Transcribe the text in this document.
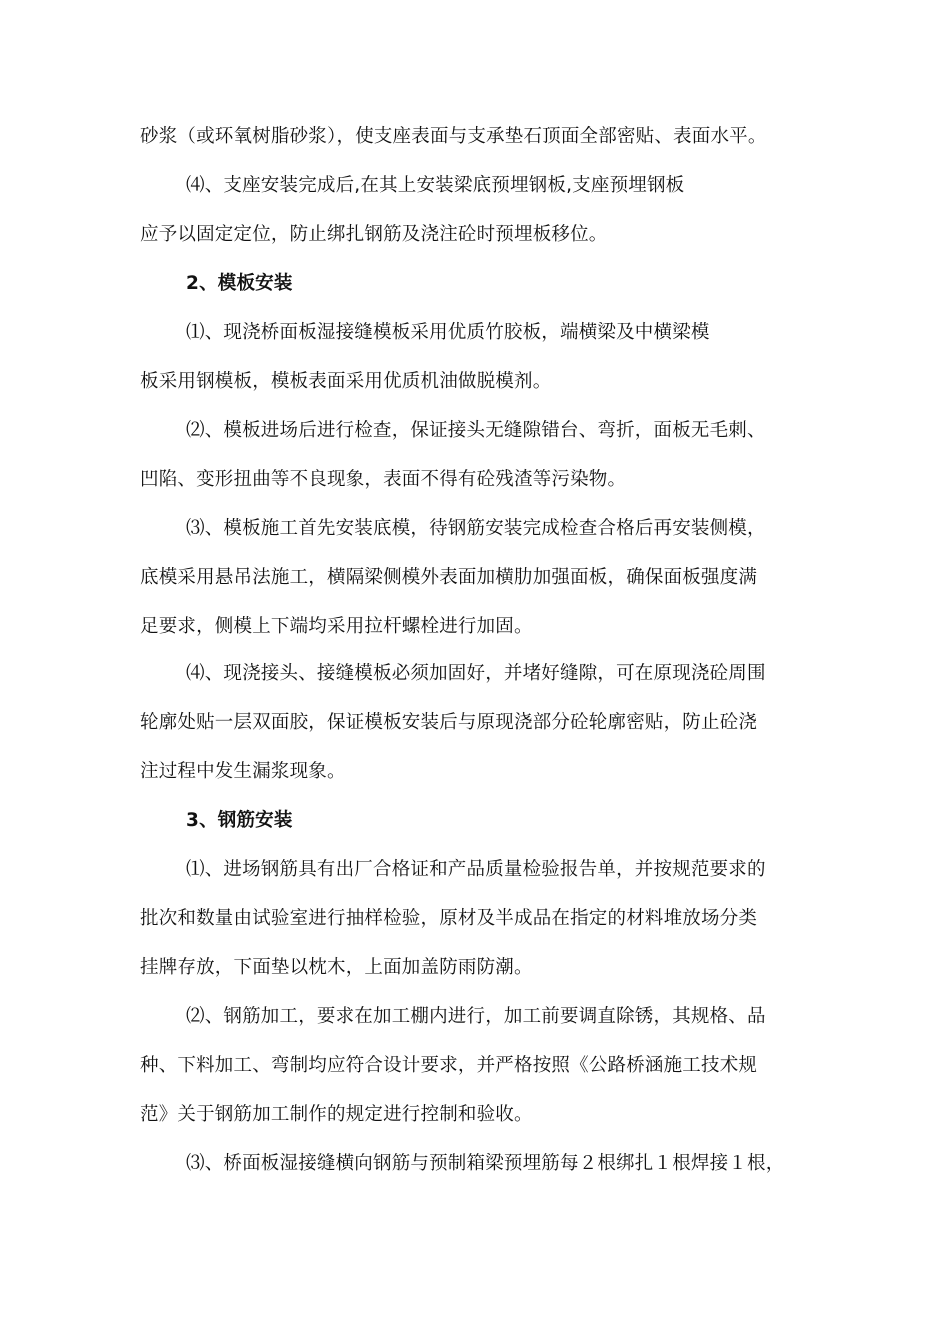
砂浆（或环氧树脂砂浆），使支座表面与支承垫石顶面全部密贴、表面水平。
⑷、支座安装完成后,在其上安装梁底预埋钢板,支座预埋钢板
应予以固定定位，防止绑扎钢筋及浇注砼时预埋板移位。
2、模板安装
⑴、现浇桥面板湿接缝模板采用优质竹胶板，端横梁及中横梁模
板采用钢模板，模板表面采用优质机油做脱模剂。
⑵、模板进场后进行检查，保证接头无缝隙错台、弯折，面板无毛刺、
凹陷、变形扭曲等不良现象，表面不得有砼残渣等污染物。
⑶、模板施工首先安装底模，待钢筋安装完成检查合格后再安装侧模，
底模采用悬吊法施工，横隔梁侧模外表面加横肋加强面板，确保面板强度满
足要求，侧模上下端均采用拉杆螺栓进行加固。
⑷、现浇接头、接缝模板必须加固好，并堵好缝隙，可在原现浇砼周围
轮廓处贴一层双面胶，保证模板安装后与原现浇部分砼轮廓密贴，防止砼浇
注过程中发生漏浆现象。
3、钢筋安装
⑴、进场钢筋具有出厂合格证和产品质量检验报告单，并按规范要求的
批次和数量由试验室进行抽样检验，原材及半成品在指定的材料堆放场分类
挂牌存放，下面垫以枕木，上面加盖防雨防潮。
⑵、钢筋加工，要求在加工棚内进行，加工前要调直除锈，其规格、品
种、下料加工、弯制均应符合设计要求，并严格按照《公路桥涵施工技术规
范》关于钢筋加工制作的规定进行控制和验收。
⑶、桥面板湿接缝横向钢筋与预制箱梁预埋筋每２根绑扎１根焊接１根，
